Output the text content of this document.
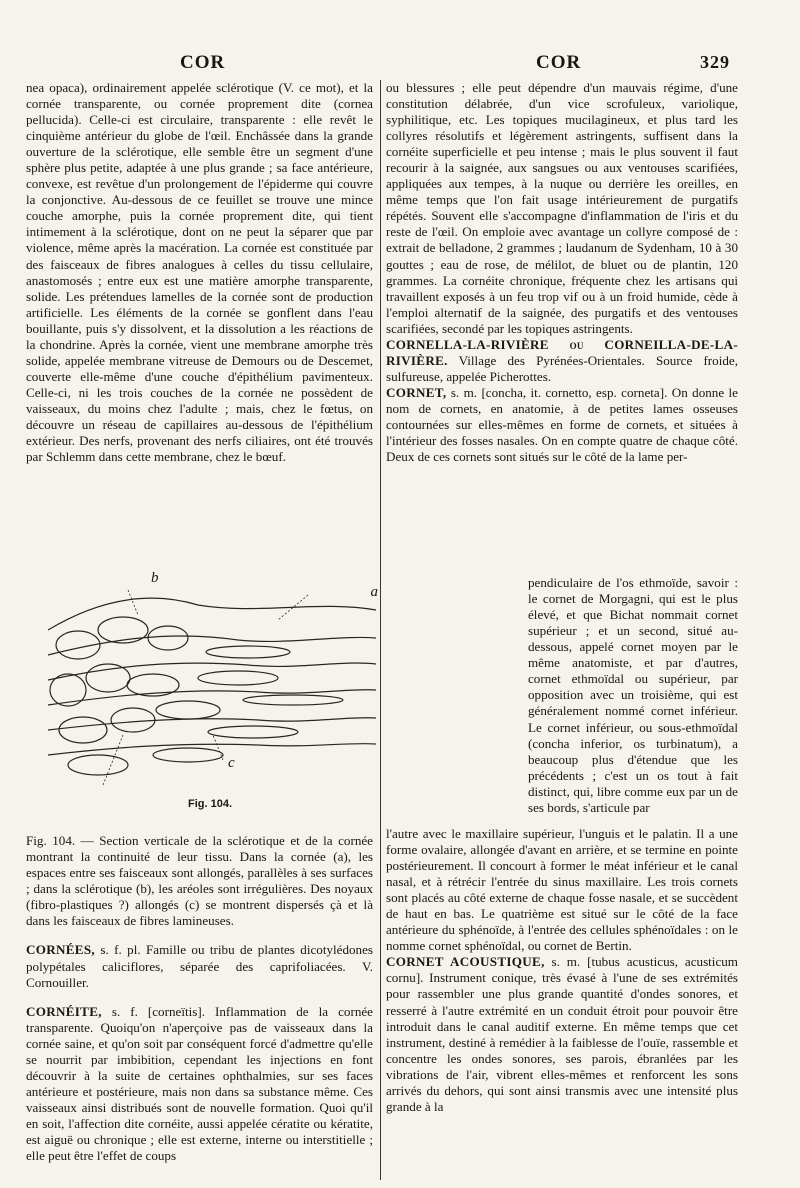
COR	COR	329

nea opaca), ordinairement appelée sclérotique (V. ce mot), et la cornée transparente, ou cornée proprement dite (cornea pellucida). Celle-ci est circulaire, transparente : elle revêt le cinquième antérieur du globe de l'œil. Enchâssée dans la grande ouverture de la sclérotique, elle semble être un segment d'une sphère plus petite, adaptée à une plus grande ; sa face antérieure, convexe, est revêtue d'un prolongement de l'épiderme qui couvre la conjonctive. Au-dessous de ce feuillet se trouve une mince couche amorphe, puis la cornée proprement dite, qui tient intimement à la sclérotique, dont on ne peut la séparer que par violence, même après la macération. La cornée est constituée par des faisceaux de fibres analogues à celles du tissu cellulaire, anastomosés ; entre eux est une matière amorphe transparente, solide. Les prétendues lamelles de la cornée sont de production artificielle. Les éléments de la cornée se gonflent dans l'eau bouillante, puis s'y dissolvent, et la dissolution a les réactions de la chondrine. Après la cornée, vient une membrane amorphe très solide, appelée membrane vitreuse de Demours ou de Descemet, couverte elle-même d'une couche d'épithélium pavimenteux. Celle-ci, ni les trois couches de la cornée ne possèdent de vaisseaux, du moins chez l'adulte ; mais, chez le fœtus, on découvre un réseau de capillaires au-dessous de l'épithélium extérieur. Des nerfs, provenant des nerfs ciliaires, ont été trouvés par Schlemm dans cette membrane, chez le bœuf.

b
a
c
Fig. 104.

Fig. 104. — Section verticale de la sclérotique et de la cornée montrant la continuité de leur tissu. Dans la cornée (a), les espaces entre ses faisceaux sont allongés, parallèles à ses surfaces ; dans la sclérotique (b), les aréoles sont irrégulières. Des noyaux (fibro-plastiques ?) allongés (c) se montrent dispersés çà et là dans les faisceaux de fibres lamineuses.

CORNÉES, s. f. pl. Famille ou tribu de plantes dicotylédones polypétales caliciflores, séparée des caprifoliacées. V. Cornouiller.

CORNÉITE, s. f. [corneïtis]. Inflammation de la cornée transparente. Quoiqu'on n'aperçoive pas de vaisseaux dans la cornée saine, et qu'on soit par conséquent forcé d'admettre qu'elle se nourrit par imbibition, cependant les injections en font découvrir à la suite de certaines ophthalmies, sur ses faces antérieure et postérieure, mais non dans sa substance même. Ces vaisseaux ainsi distribués sont de nouvelle formation. Quoi qu'il en soit, l'affection dite cornéite, aussi appelée cératite ou kératite, est aiguë ou chronique ; elle est externe, interne ou interstitielle ; elle peut être l'effet de coups

ou blessures ; elle peut dépendre d'un mauvais régime, d'une constitution délabrée, d'un vice scrofuleux, variolique, syphilitique, etc. Les topiques mucilagineux, et plus tard les collyres résolutifs et légèrement astringents, suffisent dans la cornéite superficielle et peu intense ; mais le plus souvent il faut recourir à la saignée, aux sangsues ou aux ventouses scarifiées, appliquées aux tempes, à la nuque ou derrière les oreilles, en même temps que l'on fait usage intérieurement de purgatifs répétés. Souvent elle s'accompagne d'inflammation de l'iris et du reste de l'œil. On emploie avec avantage un collyre composé de : extrait de belladone, 2 grammes ; laudanum de Sydenham, 10 à 30 gouttes ; eau de rose, de mélilot, de bluet ou de plantin, 120 grammes. La cornéite chronique, fréquente chez les artisans qui travaillent exposés à un feu trop vif ou à un froid humide, cède à l'emploi alternatif de la saignée, des purgatifs et des ventouses scarifiées, secondé par les topiques astringents.

CORNELLA-LA-RIVIÈRE ou CORNEILLA-DE-LA-RIVIÈRE. Village des Pyrénées-Orientales. Source froide, sulfureuse, appelée Picherottes.

CORNET, s. m. [concha, it. cornetto, esp. corneta]. On donne le nom de cornets, en anatomie, à de petites lames osseuses contournées sur elles-mêmes en forme de cornets, et situées à l'intérieur des fosses nasales. On en compte quatre de chaque côté. Deux de ces cornets sont situés sur le côté de la lame per-

pendiculaire de l'os ethmoïde, savoir : le cornet de Morgagni, qui est le plus élevé, et que Bichat nommait cornet supérieur ; et un second, situé au-dessous, appelé cornet moyen par le même anatomiste, et par d'autres, cornet ethmoïdal ou supérieur, par opposition avec un troisième, qui est généralement nommé cornet inférieur. Le cornet inférieur, ou sous-ethmoïdal (concha inferior, os turbinatum), a beaucoup plus d'étendue que les précédents ; c'est un os tout à fait distinct, qui, libre comme eux par un de ses bords, s'articule par

l'autre avec le maxillaire supérieur, l'unguis et le palatin. Il a une forme ovalaire, allongée d'avant en arrière, et se termine en pointe postérieurement. Il concourt à former le méat inférieur et le canal nasal, et à rétrécir l'entrée du sinus maxillaire. Les trois cornets sont placés au côté externe de chaque fosse nasale, et se succèdent de haut en bas. Le quatrième est situé sur le côté de la face antérieure du sphénoïde, à l'entrée des cellules sphénoïdales : on le nomme cornet sphénoïdal, ou cornet de Bertin.

CORNET ACOUSTIQUE, s. m. [tubus acusticus, acusticum cornu]. Instrument conique, très évasé à l'une de ses extrémités pour rassembler une plus grande quantité d'ondes sonores, et resserré à l'autre extrémité en un conduit étroit pour pouvoir être introduit dans le canal auditif externe. En même temps que cet instrument, destiné à remédier à la faiblesse de l'ouïe, rassemble et concentre les ondes sonores, ses parois, ébranlées par les vibrations de l'air, vibrent elles-mêmes et renforcent les sons arrivés du dehors, qui sont ainsi transmis avec une intensité plus grande à la
